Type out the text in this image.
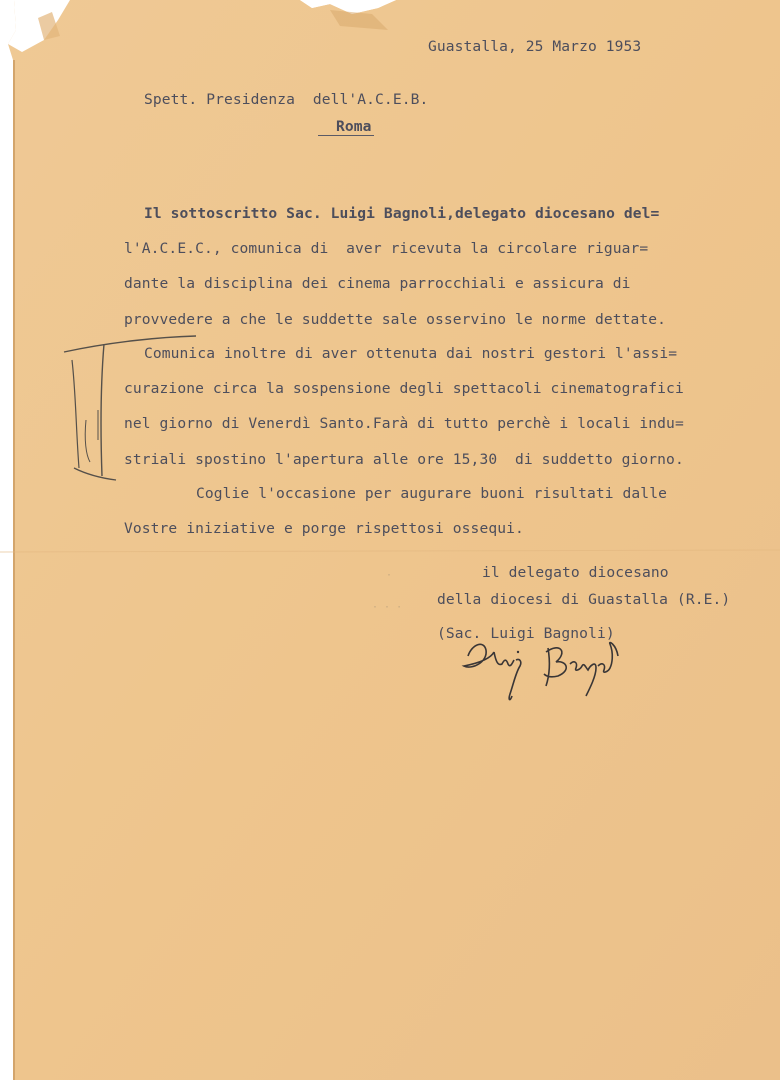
Guastalla, 25 Marzo 1953
Spett. Presidenza  dell'A.C.E.B.
Roma
Il sottoscritto Sac. Luigi Bagnoli,delegato diocesano del=
l'A.C.E.C., comunica di  aver ricevuta la circolare riguar=
dante la disciplina dei cinema parrocchiali e assicura di
provvedere a che le suddette sale osservino le norme dettate.
Comunica inoltre di aver ottenuta dai nostri gestori l'assi=
curazione circa la sospensione degli spettacoli cinematografici
nel giorno di Venerdì Santo.Farà di tutto perchè i locali indu=
striali spostino l'apertura alle ore 15,30  di suddetto giorno.
Coglie l'occasione per augurare buoni risultati dalle
Vostre iniziative e porge rispettosi ossequi.
il delegato diocesano
della diocesi di Guastalla (R.E.)
(Sac. Luigi Bagnoli)
·
· · ·
